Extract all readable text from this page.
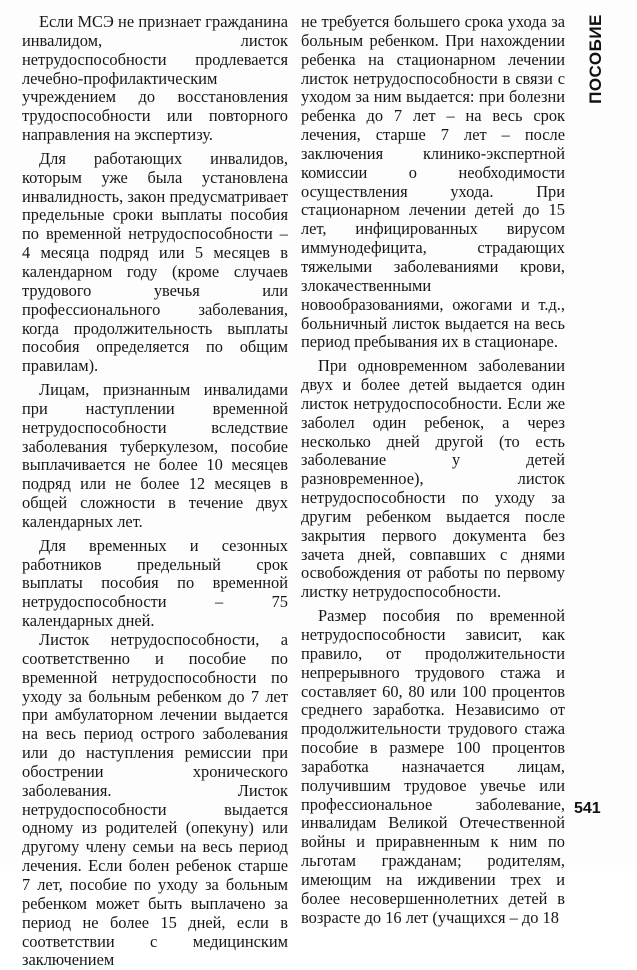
Если МСЭ не признает гражданина инвалидом, листок нетрудоспособности продлевается лечебно-профилактическим учреждением до восстановления трудоспособности или повторного направления на экспертизу.

Для работающих инвалидов, которым уже была установлена инвалидность, закон предусматривает предельные сроки выплаты пособия по временной нетрудоспособности – 4 месяца подряд или 5 месяцев в календарном году (кроме случаев трудового увечья или профессионального заболевания, когда продолжительность выплаты пособия определяется по общим правилам).

Лицам, признанным инвалидами при наступлении временной нетрудоспособности вследствие заболевания туберкулезом, пособие выплачивается не более 10 месяцев подряд или не более 12 месяцев в общей сложности в течение двух календарных лет.

Для временных и сезонных работников предельный срок выплаты пособия по временной нетрудоспособности – 75 календарных дней.

Листок нетрудоспособности, а соответственно и пособие по временной нетрудоспособности по уходу за больным ребенком до 7 лет при амбулаторном лечении выдается на весь период острого заболевания или до наступления ремиссии при обострении хронического заболевания. Листок нетрудоспособности выдается одному из родителей (опекуну) или другому члену семьи на весь период лечения. Если болен ребенок старше 7 лет, пособие по уходу за больным ребенком может быть выплачено за период не более 15 дней, если в соответствии с медицинским заключением

не требуется большего срока ухода за больным ребенком. При нахождении ребенка на стационарном лечении листок нетрудоспособности в связи с уходом за ним выдается: при болезни ребенка до 7 лет – на весь срок лечения, старше 7 лет – после заключения клинико-экспертной комиссии о необходимости осуществления ухода. При стационарном лечении детей до 15 лет, инфицированных вирусом иммунодефицита, страдающих тяжелыми заболеваниями крови, злокачественными новообразованиями, ожогами и т.д., больничный листок выдается на весь период пребывания их в стационаре.

При одновременном заболевании двух и более детей выдается один листок нетрудоспособности. Если же заболел один ребенок, а через несколько дней другой (то есть заболевание у детей разновременное), листок нетрудоспособности по уходу за другим ребенком выдается после закрытия первого документа без зачета дней, совпавших с днями освобождения от работы по первому листку нетрудоспособности.

Размер пособия по временной нетрудоспособности зависит, как правило, от продолжительности непрерывного трудового стажа и составляет 60, 80 или 100 процентов среднего заработка. Независимо от продолжительности трудового стажа пособие в размере 100 процентов заработка назначается лицам, получившим трудовое увечье или профессиональное заболевание, инвалидам Великой Отечественной войны и приравненным к ним по льготам гражданам; родителям, имеющим на иждивении трех и более несовершеннолетних детей в возрасте до 16 лет (учащихся – до 18

ПОСОБИЕ
541
